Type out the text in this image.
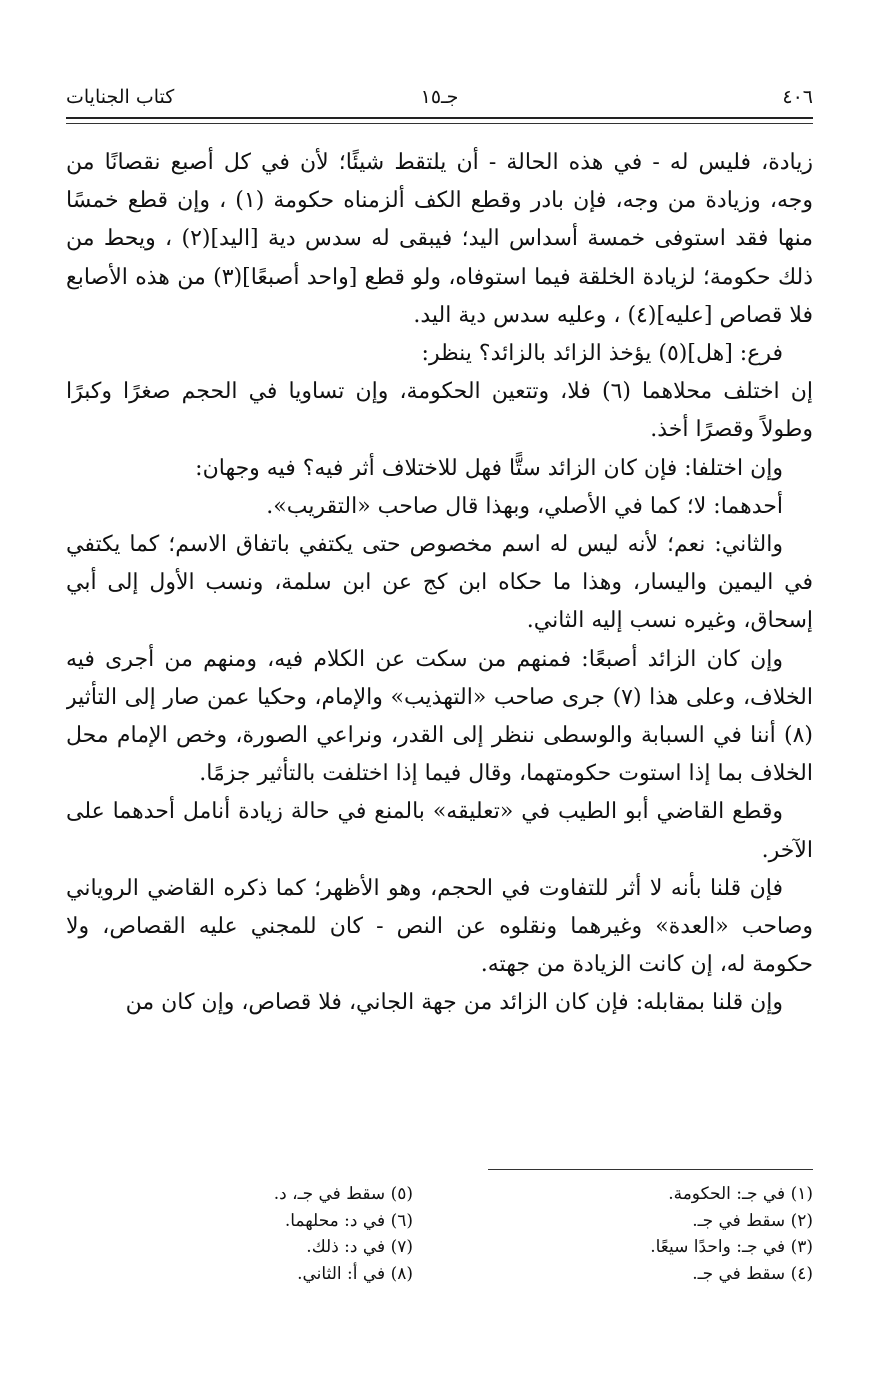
٤٠٦
جـ١٥
كتاب الجنايات

زيادة، فليس له - في هذه الحالة - أن يلتقط شيئًا؛ لأن في كل أصبع نقصانًا من وجه، وزيادة من وجه، فإن بادر وقطع الكف ألزمناه حكومة (١) ، وإن قطع خمسًا منها فقد استوفى خمسة أسداس اليد؛ فيبقى له سدس دية [اليد](٢) ، ويحط من ذلك حكومة؛ لزيادة الخلقة فيما استوفاه، ولو قطع [واحد أصبعًا](٣) من هذه الأصابع فلا قصاص [عليه](٤) ، وعليه سدس دية اليد.

فرع: [هل](٥) يؤخذ الزائد بالزائد؟ ينظر:

إن اختلف محلاهما (٦) فلا، وتتعين الحكومة، وإن تساويا في الحجم صغرًا وكبرًا وطولاً وقصرًا أخذ.

وإن اختلفا: فإن كان الزائد ستًّا فهل للاختلاف أثر فيه؟ فيه وجهان:

أحدهما: لا؛ كما في الأصلي، وبهذا قال صاحب «التقريب».

والثاني: نعم؛ لأنه ليس له اسم مخصوص حتى يكتفي باتفاق الاسم؛ كما يكتفي في اليمين واليسار، وهذا ما حكاه ابن كج عن ابن سلمة، ونسب الأول إلى أبي إسحاق، وغيره نسب إليه الثاني.

وإن كان الزائد أصبعًا: فمنهم من سكت عن الكلام فيه، ومنهم من أجرى فيه الخلاف، وعلى هذا (٧) جرى صاحب «التهذيب» والإمام، وحكيا عمن صار إلى التأثير (٨) أننا في السبابة والوسطى ننظر إلى القدر، ونراعي الصورة، وخص الإمام محل الخلاف بما إذا استوت حكومتهما، وقال فيما إذا اختلفت بالتأثير جزمًا.

وقطع القاضي أبو الطيب في «تعليقه» بالمنع في حالة زيادة أنامل أحدهما على الآخر.

فإن قلنا بأنه لا أثر للتفاوت في الحجم، وهو الأظهر؛ كما ذكره القاضي الروياني وصاحب «العدة» وغيرهما ونقلوه عن النص - كان للمجني عليه القصاص، ولا حكومة له، إن كانت الزيادة من جهته.

وإن قلنا بمقابله: فإن كان الزائد من جهة الجاني، فلا قصاص، وإن كان من

(١) في جـ: الحكومة.
(٢) سقط في جـ.
(٣) في جـ: واحدًا سيعًا.
(٤) سقط في جـ.
(٥) سقط في جـ، د.
(٦) في د: محلهما.
(٧) في د: ذلك.
(٨) في أ: الثاني.
